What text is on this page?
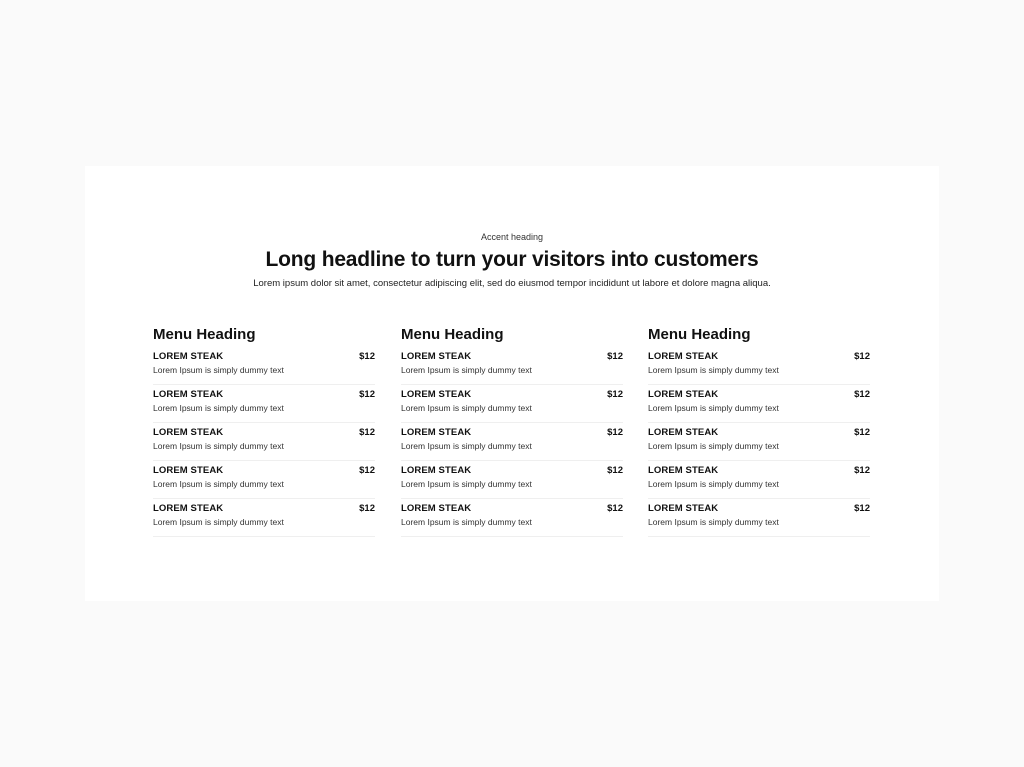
Accent heading
Long headline to turn your visitors into customers
Lorem ipsum dolor sit amet, consectetur adipiscing elit, sed do eiusmod tempor incididunt ut labore et dolore magna aliqua.
Menu Heading
LOREM STEAK	$12
Lorem Ipsum is simply dummy text
LOREM STEAK	$12
Lorem Ipsum is simply dummy text
LOREM STEAK	$12
Lorem Ipsum is simply dummy text
LOREM STEAK	$12
Lorem Ipsum is simply dummy text
LOREM STEAK	$12
Lorem Ipsum is simply dummy text
Menu Heading
LOREM STEAK	$12
Lorem Ipsum is simply dummy text
LOREM STEAK	$12
Lorem Ipsum is simply dummy text
LOREM STEAK	$12
Lorem Ipsum is simply dummy text
LOREM STEAK	$12
Lorem Ipsum is simply dummy text
LOREM STEAK	$12
Lorem Ipsum is simply dummy text
Menu Heading
LOREM STEAK	$12
Lorem Ipsum is simply dummy text
LOREM STEAK	$12
Lorem Ipsum is simply dummy text
LOREM STEAK	$12
Lorem Ipsum is simply dummy text
LOREM STEAK	$12
Lorem Ipsum is simply dummy text
LOREM STEAK	$12
Lorem Ipsum is simply dummy text
